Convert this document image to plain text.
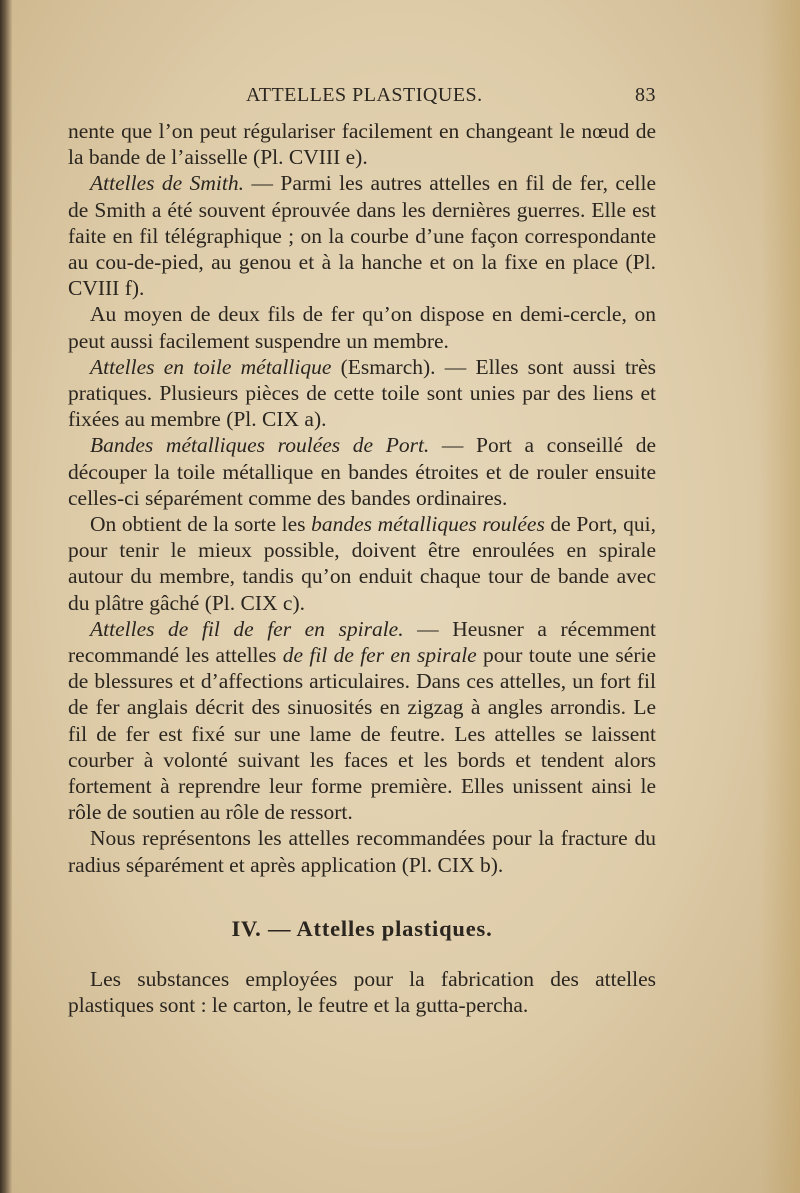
ATTELLES PLASTIQUES.	83

nente que l’on peut régulariser facilement en changeant le nœud de la bande de l’aisselle (Pl. CVIII e).

Attelles de Smith. — Parmi les autres attelles en fil de fer, celle de Smith a été souvent éprouvée dans les dernières guerres. Elle est faite en fil télégraphique ; on la courbe d’une façon correspondante au cou-de-pied, au genou et à la hanche et on la fixe en place (Pl. CVIII f).

Au moyen de deux fils de fer qu’on dispose en demi-cercle, on peut aussi facilement suspendre un membre.

Attelles en toile métallique (Esmarch). — Elles sont aussi très pratiques. Plusieurs pièces de cette toile sont unies par des liens et fixées au membre (Pl. CIX a).

Bandes métalliques roulées de Port. — Port a conseillé de découper la toile métallique en bandes étroites et de rouler ensuite celles-ci séparément comme des bandes ordinaires.

On obtient de la sorte les bandes métalliques roulées de Port, qui, pour tenir le mieux possible, doivent être enroulées en spirale autour du membre, tandis qu’on enduit chaque tour de bande avec du plâtre gâché (Pl. CIX c).

Attelles de fil de fer en spirale. — Heusner a récemment recommandé les attelles de fil de fer en spirale pour toute une série de blessures et d’affections articulaires. Dans ces attelles, un fort fil de fer anglais décrit des sinuosités en zigzag à angles arrondis. Le fil de fer est fixé sur une lame de feutre. Les attelles se laissent courber à volonté suivant les faces et les bords et tendent alors fortement à reprendre leur forme première. Elles unissent ainsi le rôle de soutien au rôle de ressort.

Nous représentons les attelles recommandées pour la fracture du radius séparément et après application (Pl. CIX b).

IV. — Attelles plastiques.

Les substances employées pour la fabrication des attelles plastiques sont : le carton, le feutre et la gutta-percha.
